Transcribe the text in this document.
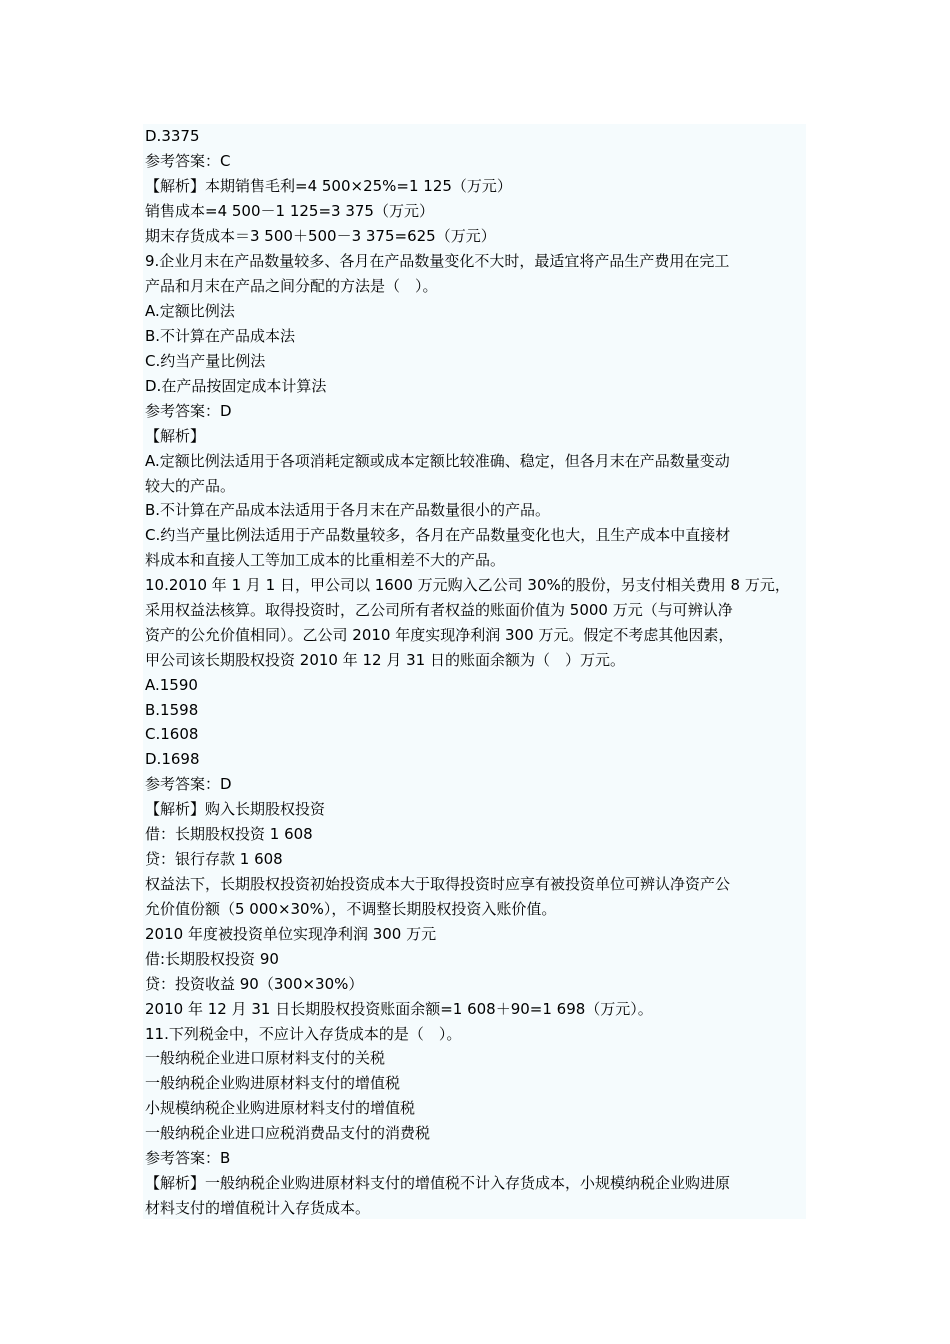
D.3375
参考答案：C
【解析】本期销售毛利=4 500×25%=1 125（万元）
销售成本=4 500－1 125=3 375（万元）
期末存货成本＝3 500＋500－3 375=625（万元）
9.企业月末在产品数量较多、各月在产品数量变化不大时，最适宜将产品生产费用在完工
产品和月末在产品之间分配的方法是（　）。
A.定额比例法
B.不计算在产品成本法
C.约当产量比例法
D.在产品按固定成本计算法
参考答案：D
【解析】
A.定额比例法适用于各项消耗定额或成本定额比较准确、稳定，但各月末在产品数量变动
较大的产品。
B.不计算在产品成本法适用于各月末在产品数量很小的产品。
C.约当产量比例法适用于产品数量较多，各月在产品数量变化也大，且生产成本中直接材
料成本和直接人工等加工成本的比重相差不大的产品。
10.2010 年 1 月 1 日，甲公司以 1600 万元购入乙公司 30%的股份，另支付相关费用 8 万元，
采用权益法核算。取得投资时，乙公司所有者权益的账面价值为 5000 万元（与可辨认净
资产的公允价值相同）。乙公司 2010 年度实现净利润 300 万元。假定不考虑其他因素，
甲公司该长期股权投资 2010 年 12 月 31 日的账面余额为（　）万元。
A.1590
B.1598
C.1608
D.1698
参考答案：D
【解析】购入长期股权投资
借：长期股权投资 1 608
贷：银行存款 1 608
权益法下，长期股权投资初始投资成本大于取得投资时应享有被投资单位可辨认净资产公
允价值份额（5 000×30%），不调整长期股权投资入账价值。
2010 年度被投资单位实现净利润 300 万元
借:长期股权投资 90
贷：投资收益 90（300×30%）
2010 年 12 月 31 日长期股权投资账面余额=1 608＋90=1 698（万元）。
11.下列税金中，不应计入存货成本的是（　）。
一般纳税企业进口原材料支付的关税
一般纳税企业购进原材料支付的增值税
小规模纳税企业购进原材料支付的增值税
一般纳税企业进口应税消费品支付的消费税
参考答案：B
【解析】一般纳税企业购进原材料支付的增值税不计入存货成本，小规模纳税企业购进原
材料支付的增值税计入存货成本。
